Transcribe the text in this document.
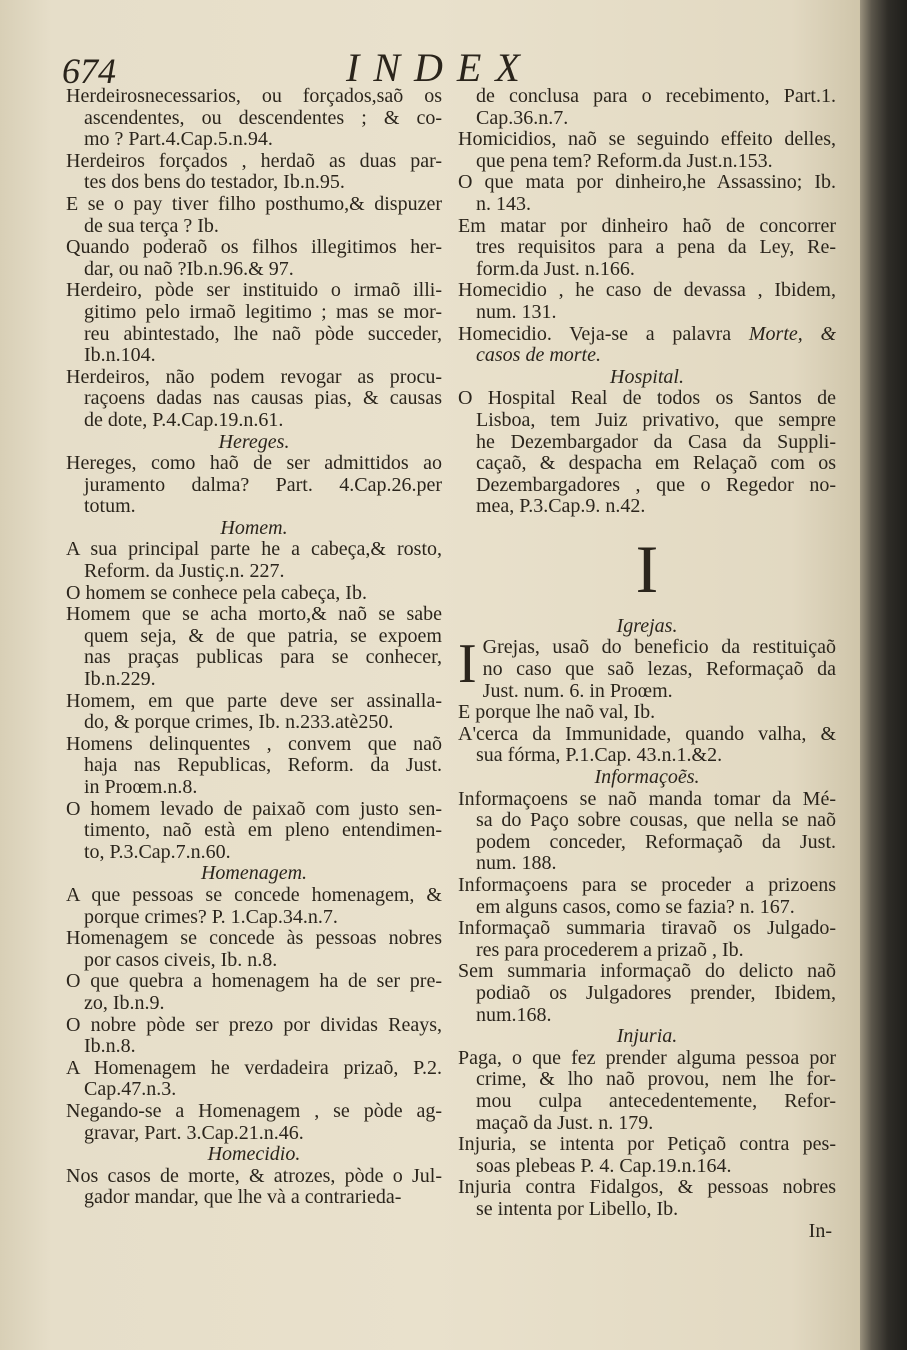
674	INDEX
Herdeirosnecessarios, ou forçados,saõ os
ascendentes, ou descendentes ; & co-
mo ? Part.4.Cap.5.n.94.
Herdeiros forçados , herdaõ as duas par-
tes dos bens do testador, Ib.n.95.
E se o pay tiver filho posthumo,& dispuzer
de sua terça ? Ib.
Quando poderaõ os filhos illegitimos her-
dar, ou naõ ?Ib.n.96.& 97.
Herdeiro, pòde ser instituido o irmaõ illi-
gitimo pelo irmaõ legitimo ; mas se mor-
reu abintestado, lhe naõ pòde succeder,
Ib.n.104.
Herdeiros, não podem revogar as procu-
raçoens dadas nas causas pias, & causas
de dote, P.4.Cap.19.n.61.
Hereges.
Hereges, como haõ de ser admittidos ao
juramento dalma? Part. 4.Cap.26.per
totum.
Homem.
A sua principal parte he a cabeça,& rosto,
Reform. da Justiç.n. 227.
O homem se conhece pela cabeça, Ib.
Homem que se acha morto,& naõ se sabe
quem seja, & de que patria, se expoem
nas praças publicas para se conhecer,
Ib.n.229.
Homem, em que parte deve ser assinalla-
do, & porque crimes, Ib. n.233.atè250.
Homens delinquentes , convem que naõ
haja nas Republicas, Reform. da Just.
in Proœm.n.8.
O homem levado de paixaõ com justo sen-
timento, naõ està em pleno entendimen-
to, P.3.Cap.7.n.60.
Homenagem.
A que pessoas se concede homenagem, &
porque crimes? P. 1.Cap.34.n.7.
Homenagem se concede às pessoas nobres
por casos civeis, Ib. n.8.
O que quebra a homenagem ha de ser pre-
zo, Ib.n.9.
O nobre pòde ser prezo por dividas Reays,
Ib.n.8.
A Homenagem he verdadeira prizaõ, P.2.
Cap.47.n.3.
Negando-se a Homenagem , se pòde ag-
gravar, Part. 3.Cap.21.n.46.
Homecidio.
Nos casos de morte, & atrozes, pòde o Jul-
gador mandar, que lhe và a contrarieda-
de conclusa para o recebimento, Part.1.
Cap.36.n.7.
Homicidios, naõ se seguindo effeito delles,
que pena tem? Reform.da Just.n.153.
O que mata por dinheiro,he Assassino; Ib.
n. 143.
Em matar por dinheiro haõ de concorrer
tres requisitos para a pena da Ley, Re-
form.da Just. n.166.
Homecidio , he caso de devassa , Ibidem,
num. 131.
Homecidio. Veja-se a palavra Morte, &
casos de morte.
Hospital.
O Hospital Real de todos os Santos de
Lisboa, tem Juiz privativo, que sempre
he Dezembargador da Casa da Suppli-
caçaõ, & despacha em Relaçaõ com os
Dezembargadores , que o Regedor no-
mea, P.3.Cap.9. n.42.
I
Igrejas.
I Grejas, usaõ do beneficio da restituiçaõ
no caso que saõ lezas, Reformaçaõ da
Just. num. 6. in Proœm.
E porque lhe naõ val, Ib.
A'cerca da Immunidade, quando valha, &
sua fórma, P.1.Cap. 43.n.1.&2.
Informaçoẽs.
Informaçoens se naõ manda tomar da Mé-
sa do Paço sobre cousas, que nella se naõ
podem conceder, Reformaçaõ da Just.
num. 188.
Informaçoens para se proceder a prizoens
em alguns casos, como se fazia? n. 167.
Informaçaõ summaria tiravaõ os Julgado-
res para procederem a prizaõ , Ib.
Sem summaria informaçaõ do delicto naõ
podiaõ os Julgadores prender, Ibidem,
num.168.
Injuria.
Paga, o que fez prender alguma pessoa por
crime, & lho naõ provou, nem lhe for-
mou culpa antecedentemente, Refor-
maçaõ da Just. n. 179.
Injuria, se intenta por Petiçaõ contra pes-
soas plebeas P. 4. Cap.19.n.164.
Injuria contra Fidalgos, & pessoas nobres
se intenta por Libello, Ib.
In-
